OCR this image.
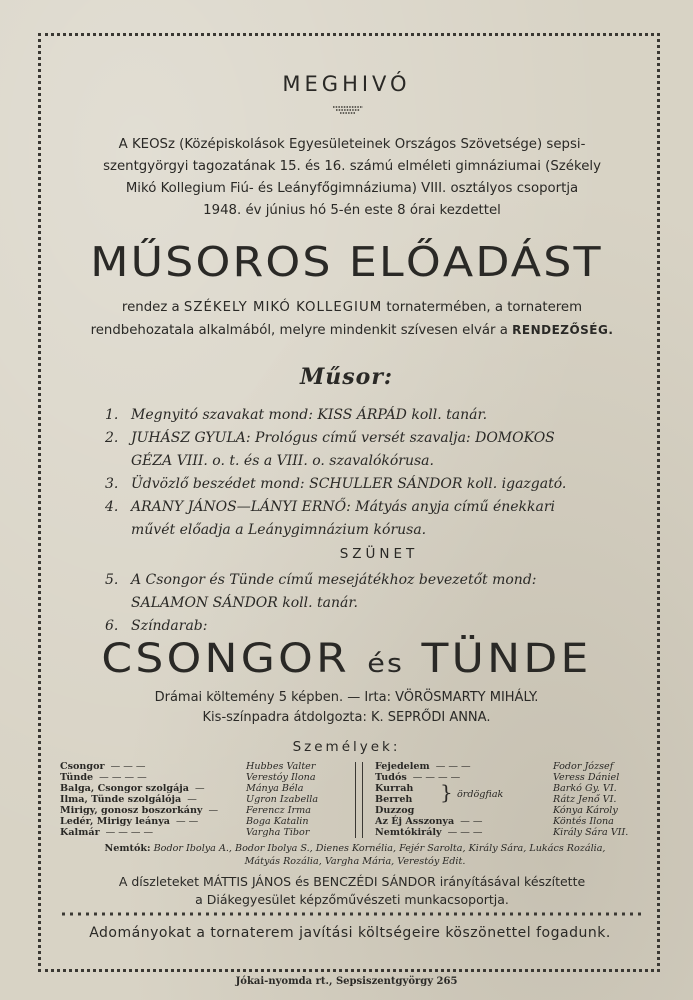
MEGHIVÓ
A KEOSz (Középiskolások Egyesületeinek Országos Szövetsége) sepsi-
szentgyörgyi tagozatának 15. és 16. számú elméleti gimnáziumai (Székely
Mikó Kollegium Fiú- és Leányfőgimnáziuma) VIII. osztályos csoportja
1948. év június hó 5-én este 8 órai kezdettel
MŰSOROS ELŐADÁST
rendez a SZÉKELY MIKÓ KOLLEGIUM tornatermében, a tornaterem
rendbehozatala alkalmából, melyre mindenkit szívesen elvár a RENDEZŐSÉG.
Műsor:
1. Megnyitó szavakat mond: KISS ÁRPÁD koll. tanár.
2. JUHÁSZ GYULA: Prológus című versét szavalja: DOMOKOS
GÉZA VIII. o. t. és a VIII. o. szavalókórusa.
3. Üdvözlő beszédet mond: SCHULLER SÁNDOR koll. igazgató.
4. ARANY JÁNOS—LÁNYI ERNŐ: Mátyás anyja című énekkari
művét előadja a Leánygimnázium kórusa.
SZÜNET
5. A Csongor és Tünde című mesejátékhoz bevezetőt mond:
SALAMON SÁNDOR koll. tanár.
6. Színdarab:
CSONGOR és TÜNDE
Drámai költemény 5 képben. — Irta: VÖRÖSMARTY MIHÁLY.
Kis-színpadra átdolgozta: K. SEPRŐDI ANNA.
Személyek:
Csongor — — —	Hubbes Valter
Tünde — — — —	Verestóy Ilona
Balga, Csongor szolgája —	Mánya Béla
Ilma, Tünde szolgálója —	Ugron Izabella
Mirigy, gonosz boszorkány —	Ferencz Irma
Ledér, Mirigy leánya — —	Boga Katalin
Kalmár — — — —	Vargha Tibor
Fejedelem — — —	Fodor József
Tudós — — — —	Veress Dániel
Kurrah	Barkó Gy. VI.
Berreh	Rátz Jenő VI.
Duzzog	Kónya Károly
Az Éj Asszonya — —	Köntés Ilona
Nemtókirály — — —	Király Sára VII.
} ördögfiak
Nemtók: Bodor Ibolya A., Bodor Ibolya S., Dienes Kornélia, Fejér Sarolta, Király Sára, Lukács Rozália,
Mátyás Rozália, Vargha Mária, Verestóy Edit.
A díszleteket MÁTTIS JÁNOS és BENCZÉDI SÁNDOR irányításával készítette
a Diákegyesület képzőművészeti munkacsoportja.
Adományokat a tornaterem javítási költségeire köszönettel fogadunk.
Jókai-nyomda rt., Sepsiszentgyörgy 265
